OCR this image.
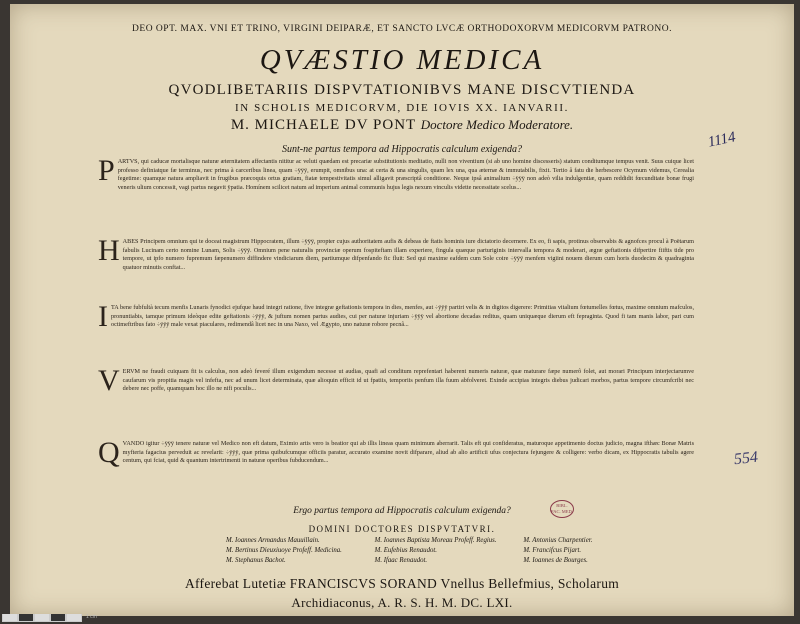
DEO OPT. MAX. VNI ET TRINO, VIRGINI DEIPARÆ, ET SANCTO LVCÆ ORTHODOXORVM MEDICORVM PATRONO.
QVÆSTIO MEDICA
QVODLIBETARIIS DISPVTATIONIBVS MANE DISCVTIENDA
IN SCHOLIS MEDICORVM, DIE IOVIS XX. IANVARII.
M. MICHAELE DV PONT Doctore Medico Moderatore.
Sunt-ne partus tempora ad Hippocratis calculum exigenda?	1114
P ARTVS, qui caducæ mortalisque naturæ æternitatem affectantis nititur ac veluti quædam est precariæ substitutionis meditatio, nulli non viventium (si ab uno homine discesseris) statum conditumque tempus venit. Suus cuique licet professo definiatque fæ terminus, nec prima à carceribus linea, quam ÷ÿÿÿ, erumpit, omnibus una: at certa & una singulis, quam lex una, qua æternæ & immutabilis, fixit. Tertio â fatu die herbescere Ocymum videmus, Cerealia fegetime: quamque natura ampliavit in frugibus præcoquis ortus gratiam, fiatæ tempestivitatis simul alligavit præscriptâ conditione. Neque ipsâ animalium ÷ÿÿÿ non adeò vilia indulgentiæ, quam reddidit fœcunditate bonæ frugi veneris ulium concessit, vagi partus negavit ÿpatia. Homínem scilicet natum ad imperium animal communis hujus legis nexum vinculis vidette necessitate scelus...
H ABES Principem omnium qui te doceat magistrum Hippocratem, illum ÷ÿÿÿ, propter cujus authoritatem aufis & debeas de ftatis hominis iure dictatorio decernere. Ex eo, fi sapis, protinus observabis & agnofces procul à Poëtarum fabulis Lucinam certo nomine Lunam, Solis ÷ÿÿÿ. Omnium pene naturalis provinciæ operum fospiteftam illam experiere, fingula quæque parturiginis intervalla tempora & moderari, ægræ geftationis difpertire fiiftis tide pro tempore, ut ipfo numero fupremum fæpenumero diffindere vindiciarum diem, partiumque difpenfando fic fluit: Sed qui maxime eafdem cum Sole coire ÷ÿÿÿ menfem vigiini nouem dierum cum horis duodecim & quadraginta quatuor minutis conftat...
I TA bene fubfultà tecum menfis Lunaris fynodici ejufque haud integri ratione, five integræ geftationis tempora in dies, menfes, aut ÷ÿÿÿ partiri velis & in digitos digerere: Primitias vitalium fœtumelles fœtus, maxime omnium mafculos, pronuntiabis, tamque primum ideòque edite geftationis ÷ÿÿÿ, & juftum nomen partus audies, cui per naturæ injuriam ÷ÿÿÿ vel abortione decadas reditus, quam uniquæque dierum eft fepraginta. Quod fi tam manis labor, pari cum octimeftribus fato ÷ÿÿÿ male vexat piaculares, redimendâ licet nec in una Naxo, vel Ægypto, uno naturæ robore pecnâ...
V ERVM ne fraudi cuiquam fit is calculus, non adeò feveré illum exigendum necesse ut audias, quafi ad conditum reprefentari haberent numeris naturæ, quæ maturare fæpe numerô folet, aut morari Principum interjectarumve caufarum vis propitia magis vel infefta, nec ad unum licet determinata, quæ alioquin efficit id ut fpatiis, temporiis penfum illa fuum abfolveret. Exinde accipias integris diebus judicari morbos, partus tempore circumfcribi nec debere nec poffe, quamquam hoc illo ne nifi poculis...
Q VANDO igitur ÷ÿÿÿ tenere naturæ vel Medico non eft datum, Eximio artis vero is beatior qui ab illis lineas quam minimum aberrarit. Talis eft qui confideratus, maturoque appetimento doctus judicio, magna ifthæc Bonæ Matris myfteria fagacius perveduit ac revelarit: ÷ÿÿÿ, quæ prima quibufcumque officiis paratur, accurato examine novit difparare, aliud ab alio artificii ufus conjectura fejungere & colligere: verbo dicam, ex Hippocratis tabulis agere centum, qui fciat, quid & quantum intertrimenti in naturæ operibus fubducendum...	554
Ergo partus tempora ad Hippocratis calculum exigenda?
BIBL. FAC. MED.
DOMINI DOCTORES DISPVTATVRI.
M. Ioannes Armandus Mauuillain.	M. Ioannes Baptista Moreau Profeff. Regius.	M. Antonius Charpentier.
M. Bertinus Dieuxiuoye Profeff. Medicina.	M. Eufebius Renaudot.	M. Francifcus Pijart.
M. Stephanus Bachot.	M. Ifaac Renaudot.	M. Ioannes de Bourges.
Afferebat Lutetiæ FRANCISCVS SORAND Vnellus Bellefmius, Scholarum
Archidiaconus, A. R. S. H. M. DC. LXI.
1 cm
